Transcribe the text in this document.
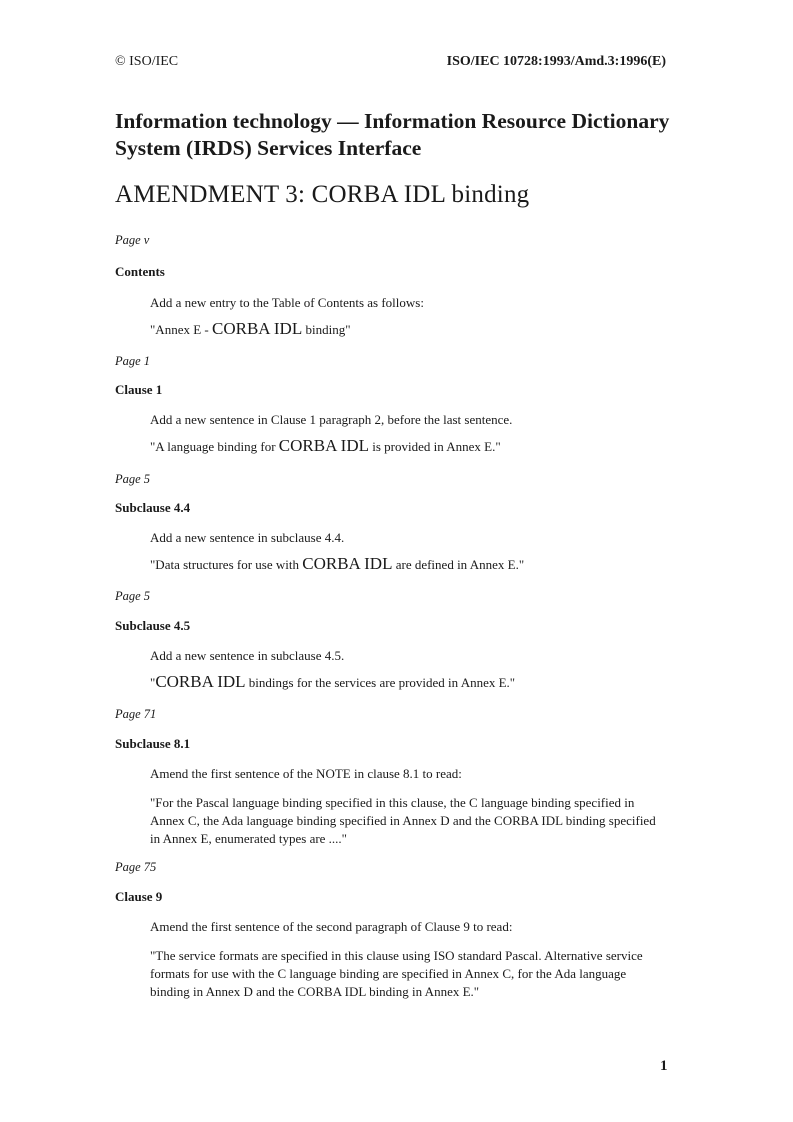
© ISO/IEC	ISO/IEC 10728:1993/Amd.3:1996(E)
Information technology — Information Resource Dictionary
System (IRDS) Services Interface
AMENDMENT 3: CORBA IDL binding
Page v
Contents
Add a new entry to the Table of Contents as follows:
"Annex E - CORBA IDL binding"
Page 1
Clause 1
Add a new sentence in Clause 1 paragraph 2, before the last sentence.
"A language binding for CORBA IDL is provided in Annex E."
Page 5
Subclause 4.4
Add a new sentence in subclause 4.4.
"Data structures for use with CORBA IDL are defined in Annex E."
Page 5
Subclause 4.5
Add a new sentence in subclause 4.5.
"CORBA IDL bindings for the services are provided in Annex E."
Page 71
Subclause 8.1
Amend the first sentence of the NOTE in clause 8.1 to read:
"For the Pascal language binding specified in this clause, the C language binding specified in
Annex C, the Ada language binding specified in Annex D and the CORBA IDL binding specified
in Annex E, enumerated types are ...."
Page 75
Clause 9
Amend the first sentence of the second paragraph of Clause 9 to read:
"The service formats are specified in this clause using ISO standard Pascal. Alternative service
formats for use with the C language binding are specified in Annex C, for the Ada language
binding in Annex D and the CORBA IDL binding in Annex E."
1
